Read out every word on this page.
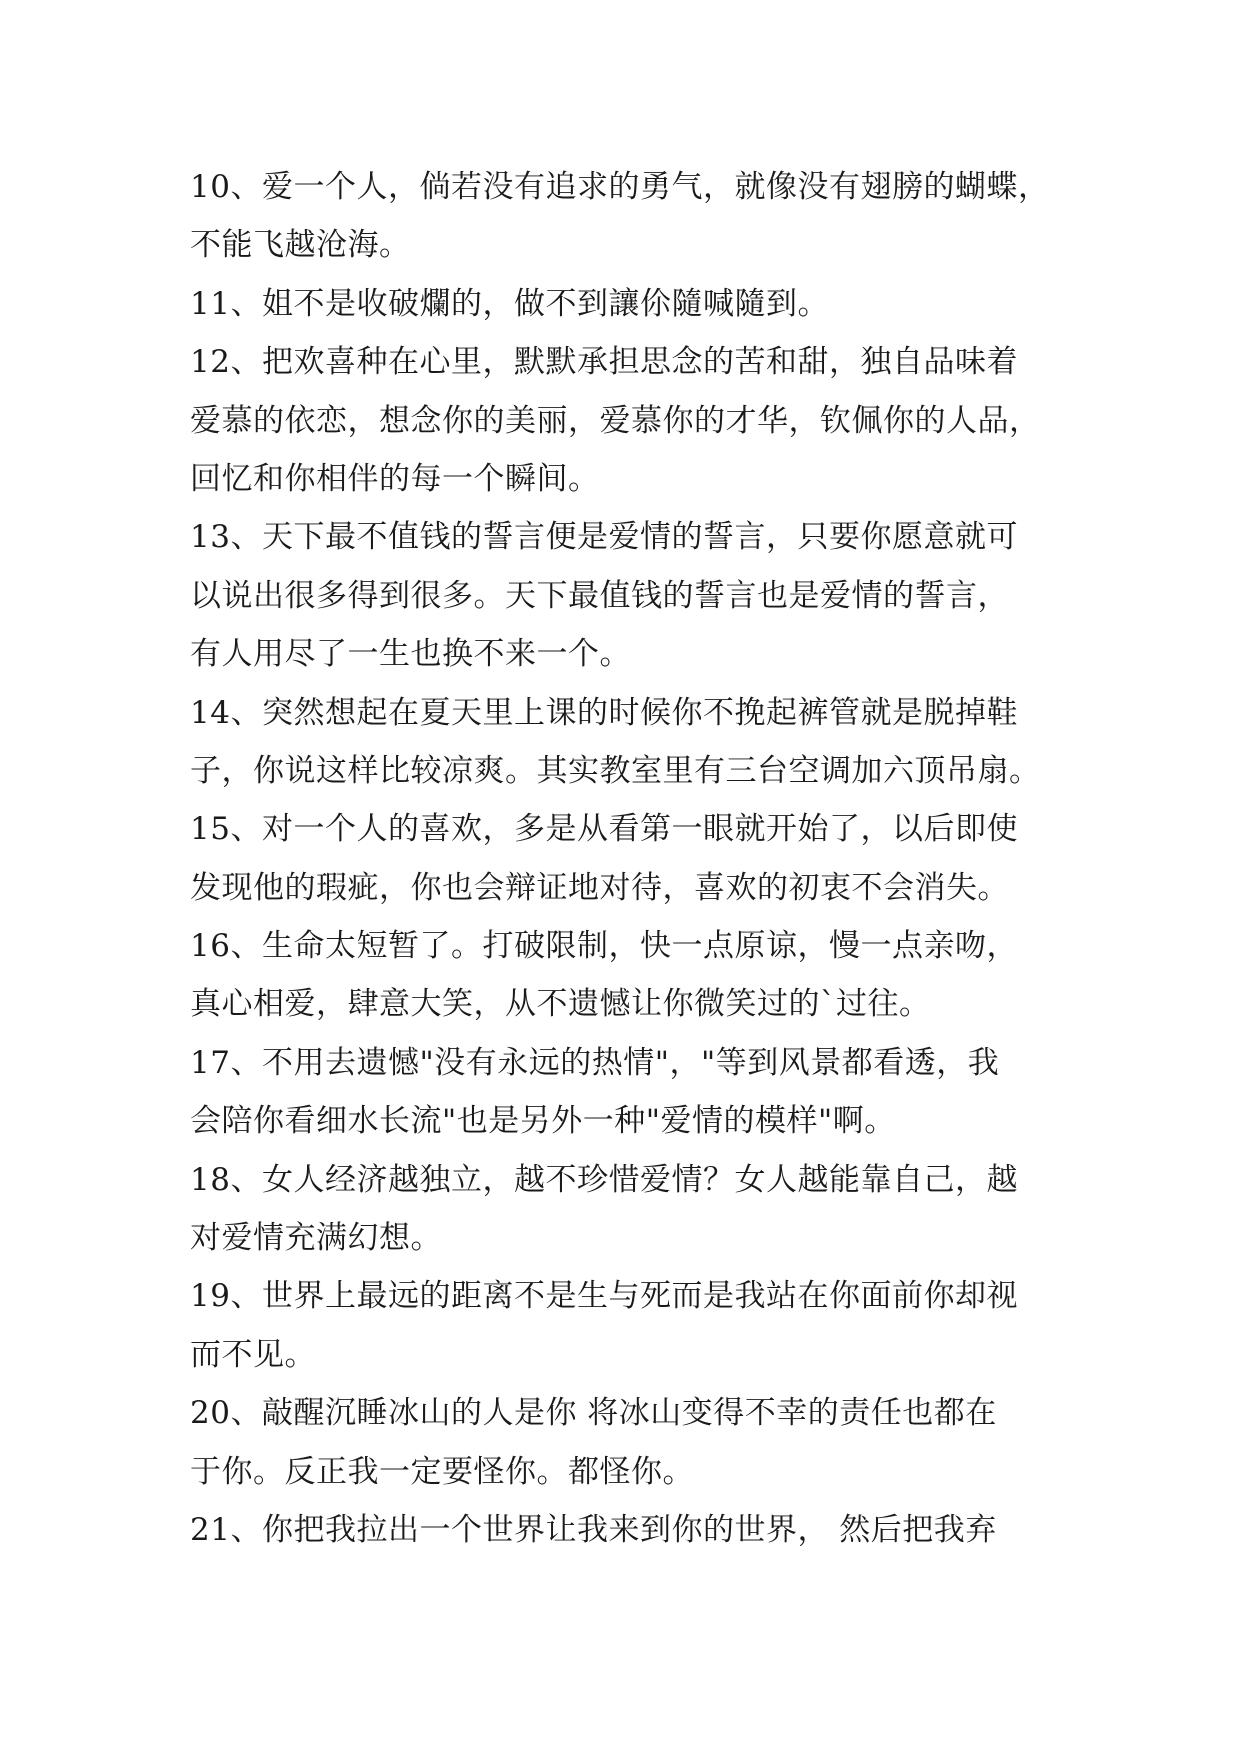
10、爱一个人，倘若没有追求的勇气，就像没有翅膀的蝴蝶，
不能飞越沧海。
11、姐不是收破爛的，做不到讓伱隨喊隨到。
12、把欢喜种在心里，默默承担思念的苦和甜，独自品味着
爱慕的依恋，想念你的美丽，爱慕你的才华，钦佩你的人品，
回忆和你相伴的每一个瞬间。
13、天下最不值钱的誓言便是爱情的誓言，只要你愿意就可
以说出很多得到很多。天下最值钱的誓言也是爱情的誓言，
有人用尽了一生也换不来一个。
14、突然想起在夏天里上课的时候你不挽起裤管就是脱掉鞋
子，你说这样比较凉爽。其实教室里有三台空调加六顶吊扇。
15、对一个人的喜欢，多是从看第一眼就开始了，以后即使
发现他的瑕疵，你也会辩证地对待，喜欢的初衷不会消失。
16、生命太短暂了。打破限制，快一点原谅，慢一点亲吻，
真心相爱，肆意大笑，从不遗憾让你微笑过的`过往。
17、不用去遗憾"没有永远的热情"，"等到风景都看透，我
会陪你看细水长流"也是另外一种"爱情的模样"啊。
18、女人经济越独立，越不珍惜爱情？女人越能靠自己，越
对爱情充满幻想。
19、世界上最远的距离不是生与死而是我站在你面前你却视
而不见。
20、敲醒沉睡冰山的人是你 将冰山变得不幸的责任也都在
于你。反正我一定要怪你。都怪你。
21、你把我拉出一个世界让我来到你的世界， 然后把我弃
